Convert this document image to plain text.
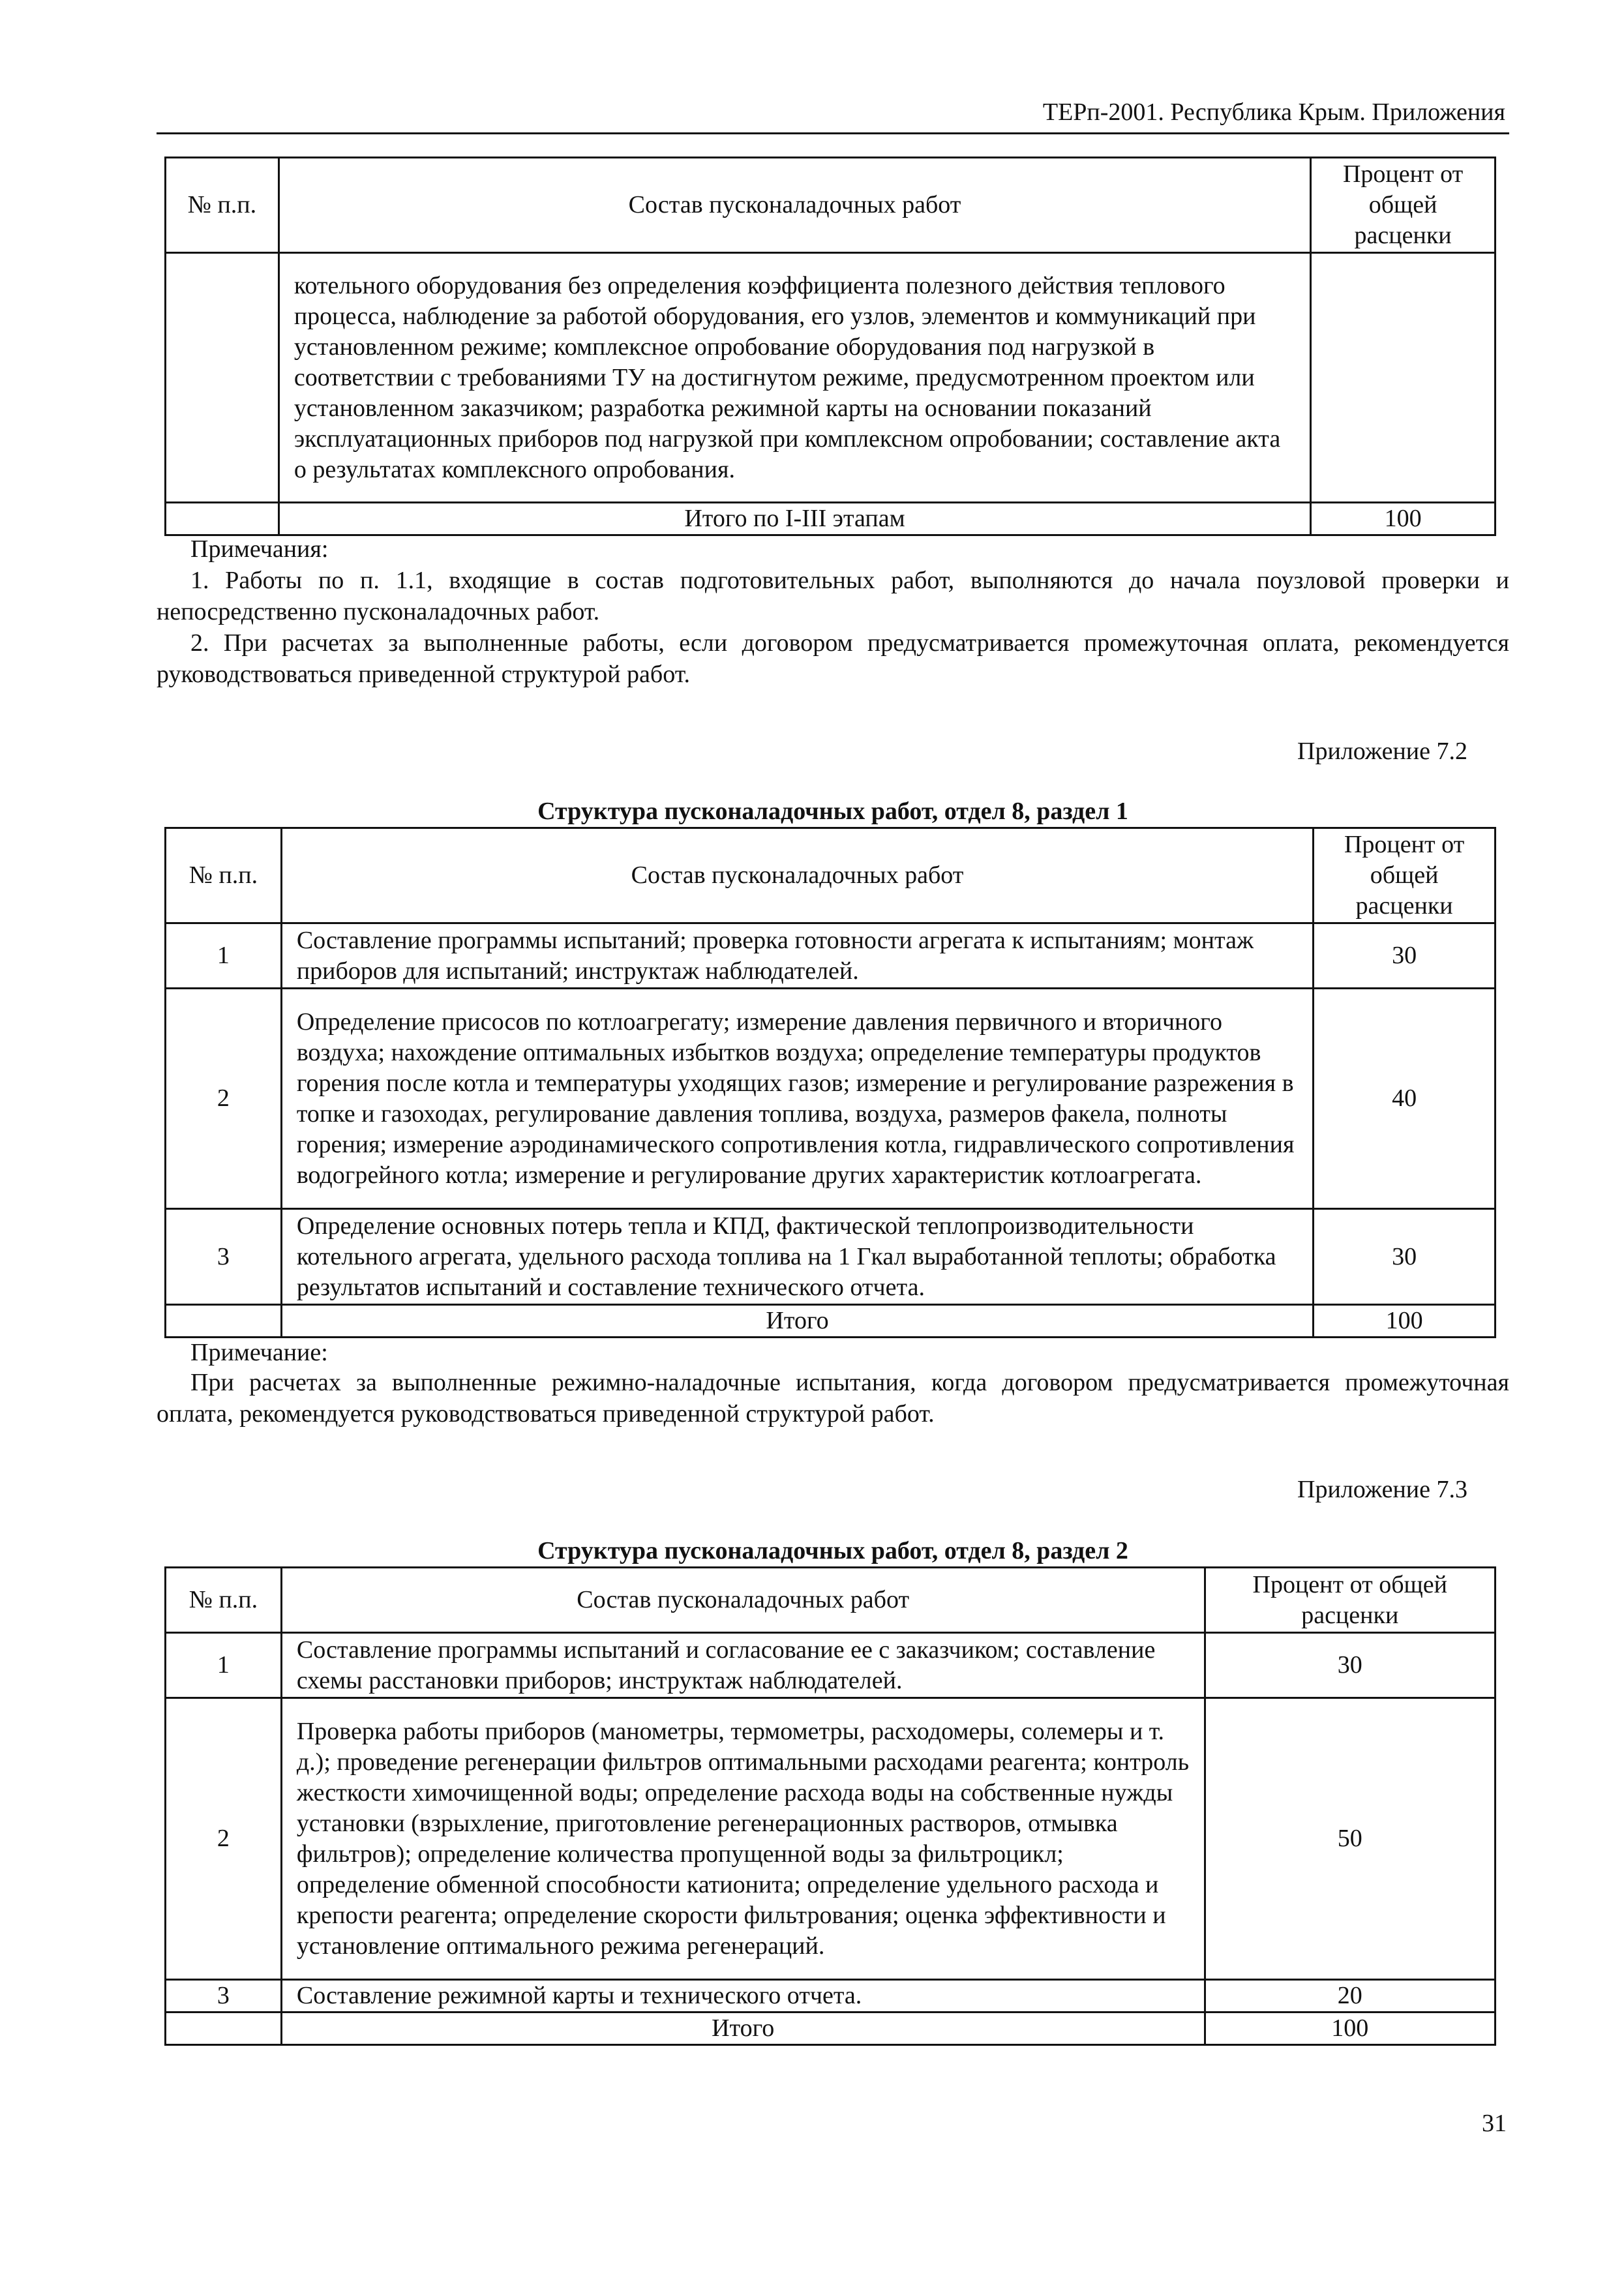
ТЕРп-2001. Республика Крым. Приложения
№ п.п.	Состав пусконаладочных работ	Процент от общей расценки
	котельного оборудования без определения коэффициента полезного действия теплового процесса, наблюдение за работой оборудования, его узлов, элементов и коммуникаций при установленном режиме; комплексное опробование оборудования под нагрузкой в соответствии с требованиями ТУ на достигнутом режиме, предусмотренном проектом или установленном заказчиком; разработка режимной карты на основании показаний эксплуатационных приборов под нагрузкой при комплексном опробовании; составление акта о результатах комплексного опробования.	
	Итого по I-III этапам	100
Примечания:
1. Работы по п. 1.1, входящие в состав подготовительных работ, выполняются до начала поузловой проверки и непосредственно пусконаладочных работ.
2. При расчетах за выполненные работы, если договором предусматривается промежуточная оплата, рекомендуется руководствоваться приведенной структурой работ.
Приложение 7.2
Структура пусконаладочных работ, отдел 8, раздел 1
№ п.п.	Состав пусконаладочных работ	Процент от общей расценки
1	Составление программы испытаний; проверка готовности агрегата к испытаниям; монтаж приборов для испытаний; инструктаж наблюдателей.	30
2	Определение присосов по котлоагрегату; измерение давления первичного и вторичного воздуха; нахождение оптимальных избытков воздуха; определение температуры продуктов горения после котла и температуры уходящих газов; измерение и регулирование разрежения в топке и газоходах, регулирование давления топлива, воздуха, размеров факела, полноты горения; измерение аэродинамического сопротивления котла, гидравлического сопротивления водогрейного котла; измерение и регулирование других характеристик котлоагрегата.	40
3	Определение основных потерь тепла и КПД, фактической теплопроизводительности котельного агрегата, удельного расхода топлива на 1 Гкал выработанной теплоты; обработка результатов испытаний и составление технического отчета.	30
	Итого	100
Примечание:
При расчетах за выполненные режимно-наладочные испытания, когда договором предусматривается промежуточная оплата, рекомендуется руководствоваться приведенной структурой работ.
Приложение 7.3
Структура пусконаладочных работ, отдел 8, раздел 2
№ п.п.	Состав пусконаладочных работ	Процент от общей расценки
1	Составление программы испытаний и согласование ее с заказчиком; составление схемы расстановки приборов; инструктаж наблюдателей.	30
2	Проверка работы приборов (манометры, термометры, расходомеры, солемеры и т. д.); проведение регенерации фильтров оптимальными расходами реагента; контроль жесткости химочищенной воды; определение расхода воды на собственные нужды установки (взрыхление, приготовление регенерационных растворов, отмывка фильтров); определение количества пропущенной воды за фильтроцикл; определение обменной способности катионита; определение удельного расхода и крепости реагента; определение скорости фильтрования; оценка эффективности и установление оптимального режима регенераций.	50
3	Составление режимной карты и технического отчета.	20
	Итого	100
31
